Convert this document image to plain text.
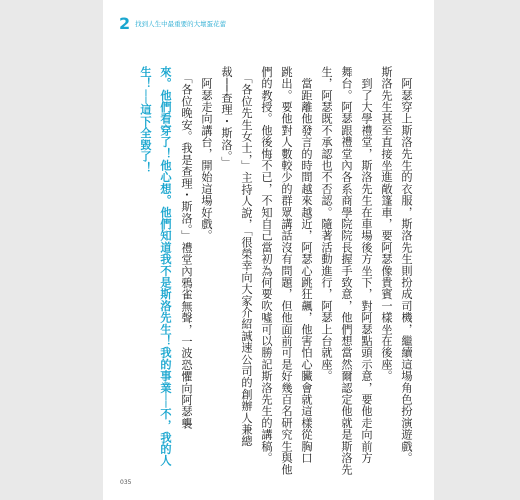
2 找到人生中最重要的大壞蛋花蕾

阿瑟穿上斯洛先生的衣服，斯洛先生則扮成司機，繼續這場角色扮演遊戲。

斯洛先生甚至直接坐進敞篷車，要阿瑟像貴賓一樣坐在後座。

到了大學禮堂，斯洛先生在車場後方坐下，對阿瑟點頭示意，要他走向前方

舞台。阿瑟跟禮堂內各系商學院院長握手致意，他們想當然爾認定他就是斯洛先

生，阿瑟既不承認也不否認。隨著活動進行，阿瑟上台就座。

當距離他發言的時間越來越近，阿瑟心跳狂飆，他害怕心臟會就這樣從胸口

跳出。要他對人數較少的群眾講話沒有問題，但他面前可是好幾百名研究生與他

們的教授。他後悔不已，不知自己當初為何要吹噓可以勝記斯洛先生的講稿。

「各位先生女士，」主持人說，「很榮幸向大家介紹誠速公司的創辦人兼總

裁──查理・斯洛。」

阿瑟走向講台，開始這場好戲。

「各位晚安。我是查理・斯洛。」禮堂內鴉雀無聲，一波恐懼向阿瑟襲

來。他們看穿了！他心想。他們知道我不是斯洛先生！我的事業──不，我的人

生！──這下全毀了！

035
